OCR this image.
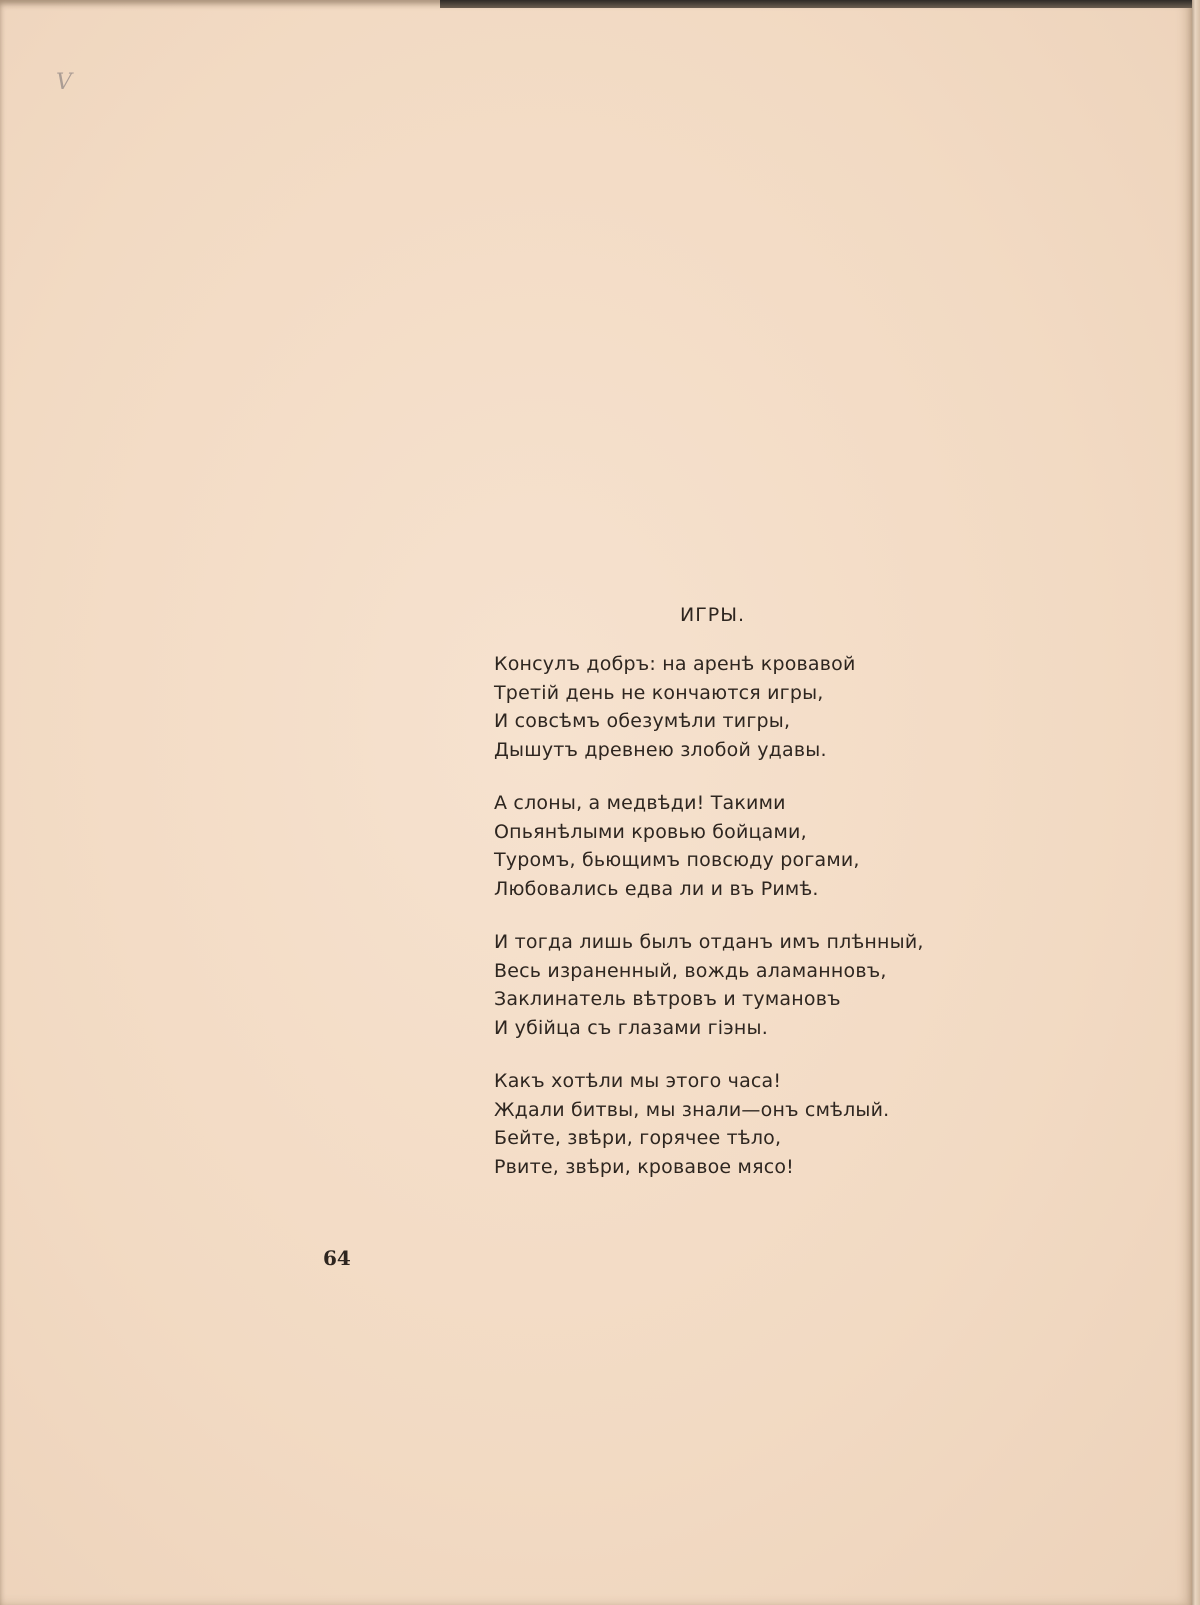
V
ИГРЫ.
Консулъ добръ: на аренѣ кровавой
Третій день не кончаются игры,
И совсѣмъ обезумѣли тигры,
Дышутъ древнею злобой удавы.
А слоны, а медвѣди! Такими
Опьянѣлыми кровью бойцами,
Туромъ, бьющимъ повсюду рогами,
Любовались едва ли и въ Римѣ.
И тогда лишь былъ отданъ имъ плѣнный,
Весь израненный, вождь аламанновъ,
Заклинатель вѣтровъ и тумановъ
И убійца съ глазами гіэны.
Какъ хотѣли мы этого часа!
Ждали битвы, мы знали—онъ смѣлый.
Бейте, звѣри, горячее тѣло,
Рвите, звѣри, кровавое мясо!
64
